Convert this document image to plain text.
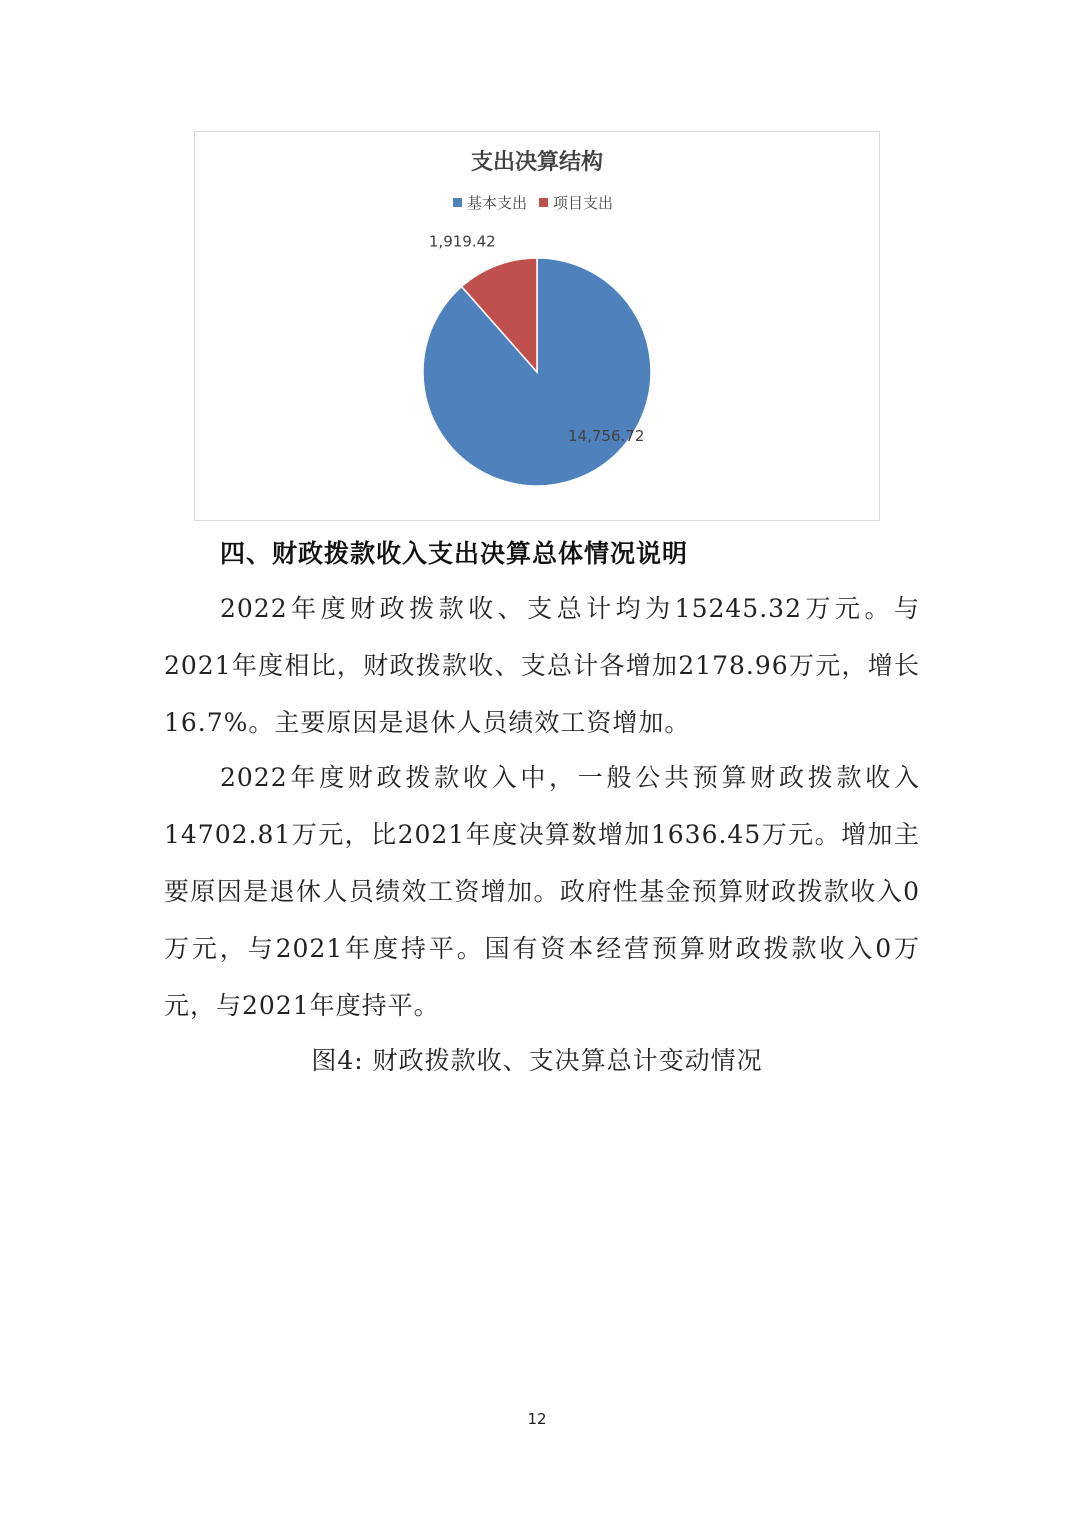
支出决算结构
基本支出 项目支出
14,756.72
1,919.42
四、财政拨款收入支出决算总体情况说明

2022年度财政拨款收、支总计均为15245.32万元。与2021年度相比，财政拨款收、支总计各增加2178.96万元，增长16.7%。主要原因是退休人员绩效工资增加。

2022年度财政拨款收入中，一般公共预算财政拨款收入14702.81万元，比2021年度决算数增加1636.45万元。增加主要原因是退休人员绩效工资增加。政府性基金预算财政拨款收入0万元，与2021年度持平。国有资本经营预算财政拨款收入0万元，与2021年度持平。

图4: 财政拨款收、支决算总计变动情况

12
